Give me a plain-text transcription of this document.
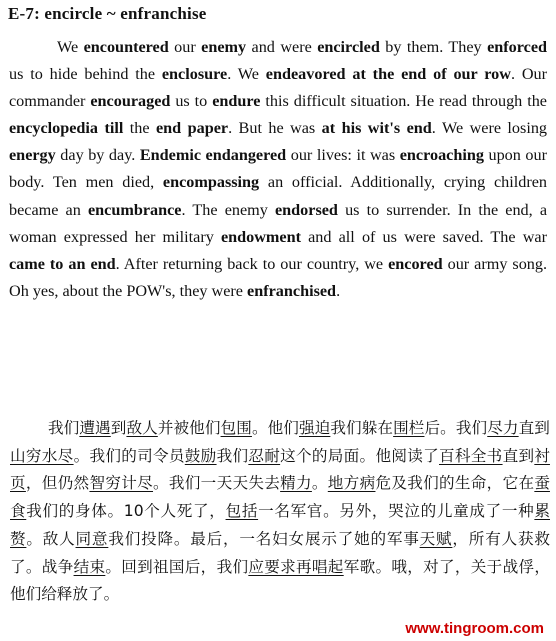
E-7: encircle ~ enfranchise

We encountered our enemy and were encircled by them. They enforced us to hide behind the enclosure. We endeavored at the end of our row. Our commander encouraged us to endure this difficult situation. He read through the encyclopedia till the end paper. But he was at his wit's end. We were losing energy day by day. Endemic endangered our lives: it was encroaching upon our body. Ten men died, encompassing an official. Additionally, crying children became an encumbrance. The enemy endorsed us to surrender. In the end, a woman expressed her military endowment and all of us were saved. The war came to an end. After returning back to our country, we encored our army song. Oh yes, about the POW's, they were enfranchised.

我们遭遇到敌人并被他们包围。他们强迫我们躲在围栏后。我们尽力直到山穷水尽。我们的司令员鼓励我们忍耐这个的局面。他阅读了百科全书直到衬页，但仍然智穷计尽。我们一天天失去精力。地方病危及我们的生命，它在蚕食我们的身体。10个人死了，包括一名军官。另外，哭泣的儿童成了一种累赘。敌人同意我们投降。最后，一名妇女展示了她的军事天赋，所有人获救了。战争结束。回到祖国后，我们应要求再唱起军歌。哦，对了，关于战俘，他们给释放了。

www.tingroom.com
